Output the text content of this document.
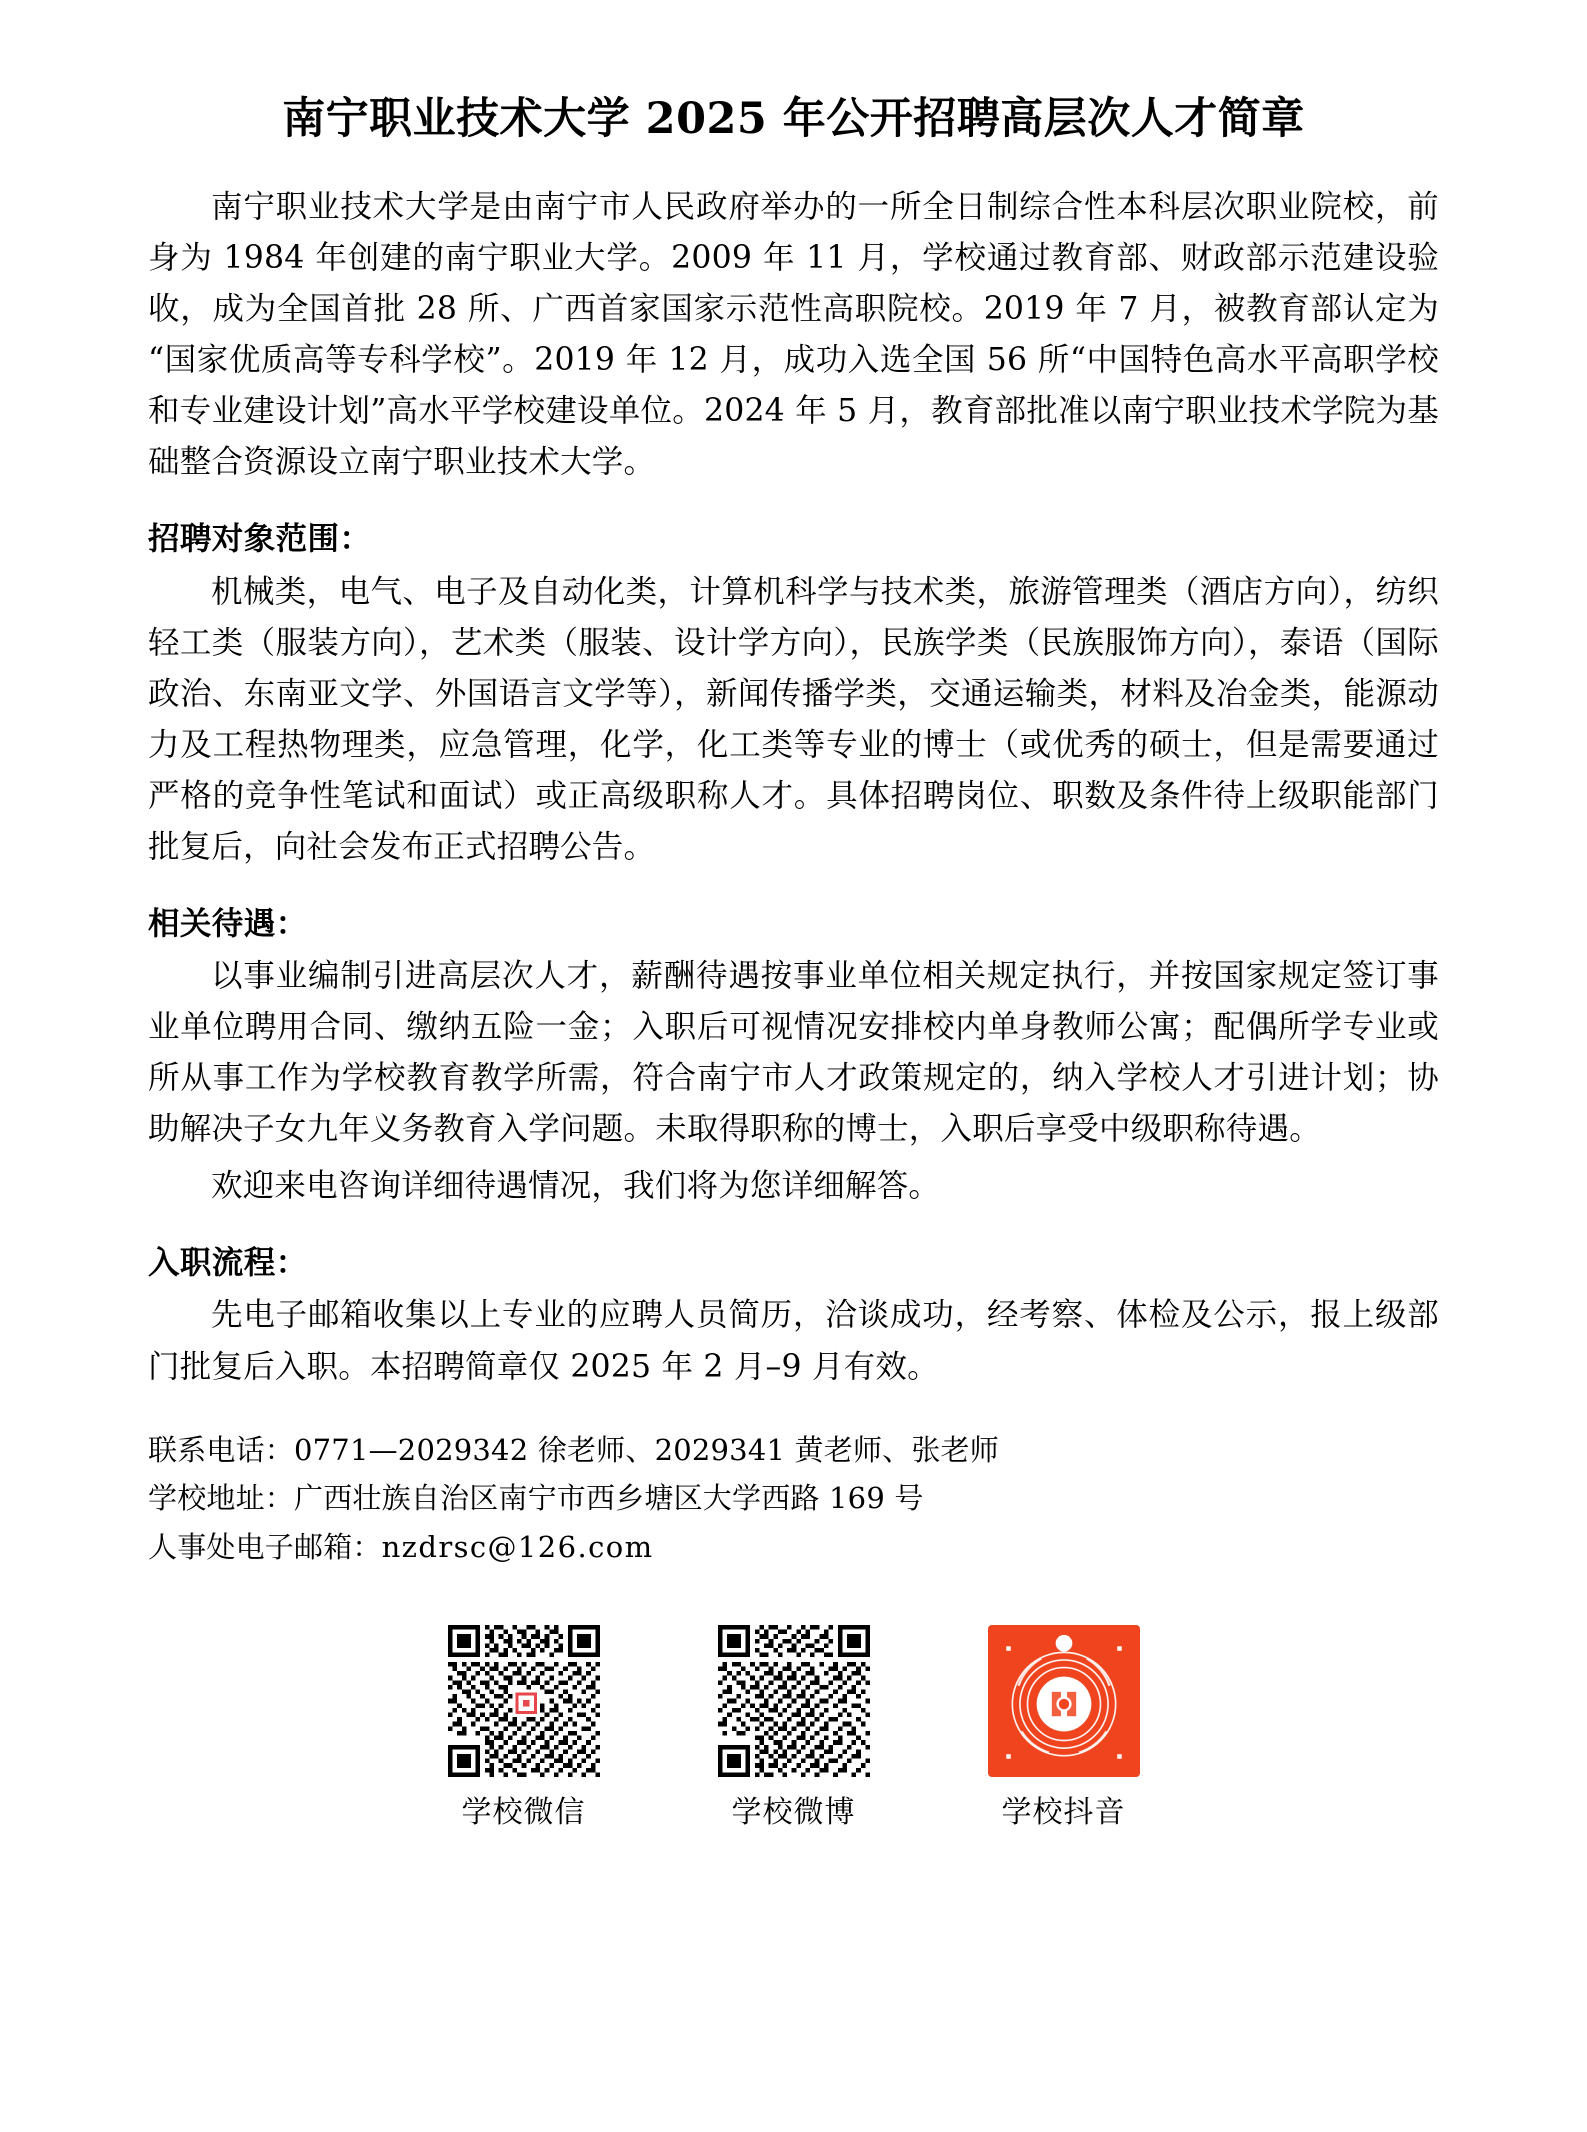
南宁职业技术大学 2025 年公开招聘高层次人才简章

南宁职业技术大学是由南宁市人民政府举办的一所全日制综合性本科层次职业院校，前身为 1984 年创建的南宁职业大学。2009 年 11 月，学校通过教育部、财政部示范建设验收，成为全国首批 28 所、广西首家国家示范性高职院校。2019 年 7 月，被教育部认定为“国家优质高等专科学校”。2019 年 12 月，成功入选全国 56 所“中国特色高水平高职学校和专业建设计划”高水平学校建设单位。2024 年 5 月，教育部批准以南宁职业技术学院为基础整合资源设立南宁职业技术大学。

招聘对象范围：

机械类，电气、电子及自动化类，计算机科学与技术类，旅游管理类（酒店方向），纺织轻工类（服装方向），艺术类（服装、设计学方向），民族学类（民族服饰方向），泰语（国际政治、东南亚文学、外国语言文学等），新闻传播学类，交通运输类，材料及冶金类，能源动力及工程热物理类，应急管理，化学，化工类等专业的博士（或优秀的硕士，但是需要通过严格的竞争性笔试和面试）或正高级职称人才。具体招聘岗位、职数及条件待上级职能部门批复后，向社会发布正式招聘公告。

相关待遇：

以事业编制引进高层次人才，薪酬待遇按事业单位相关规定执行，并按国家规定签订事业单位聘用合同、缴纳五险一金；入职后可视情况安排校内单身教师公寓；配偶所学专业或所从事工作为学校教育教学所需，符合南宁市人才政策规定的，纳入学校人才引进计划；协助解决子女九年义务教育入学问题。未取得职称的博士，入职后享受中级职称待遇。

欢迎来电咨询详细待遇情况，我们将为您详细解答。

入职流程：

先电子邮箱收集以上专业的应聘人员简历，洽谈成功，经考察、体检及公示，报上级部门批复后入职。本招聘简章仅 2025 年 2 月–9 月有效。

联系电话：0771—2029342 徐老师、2029341 黄老师、张老师

学校地址：广西壮族自治区南宁市西乡塘区大学西路 169 号

人事处电子邮箱：nzdrsc@126.com

学校微信	学校微博	学校抖音
